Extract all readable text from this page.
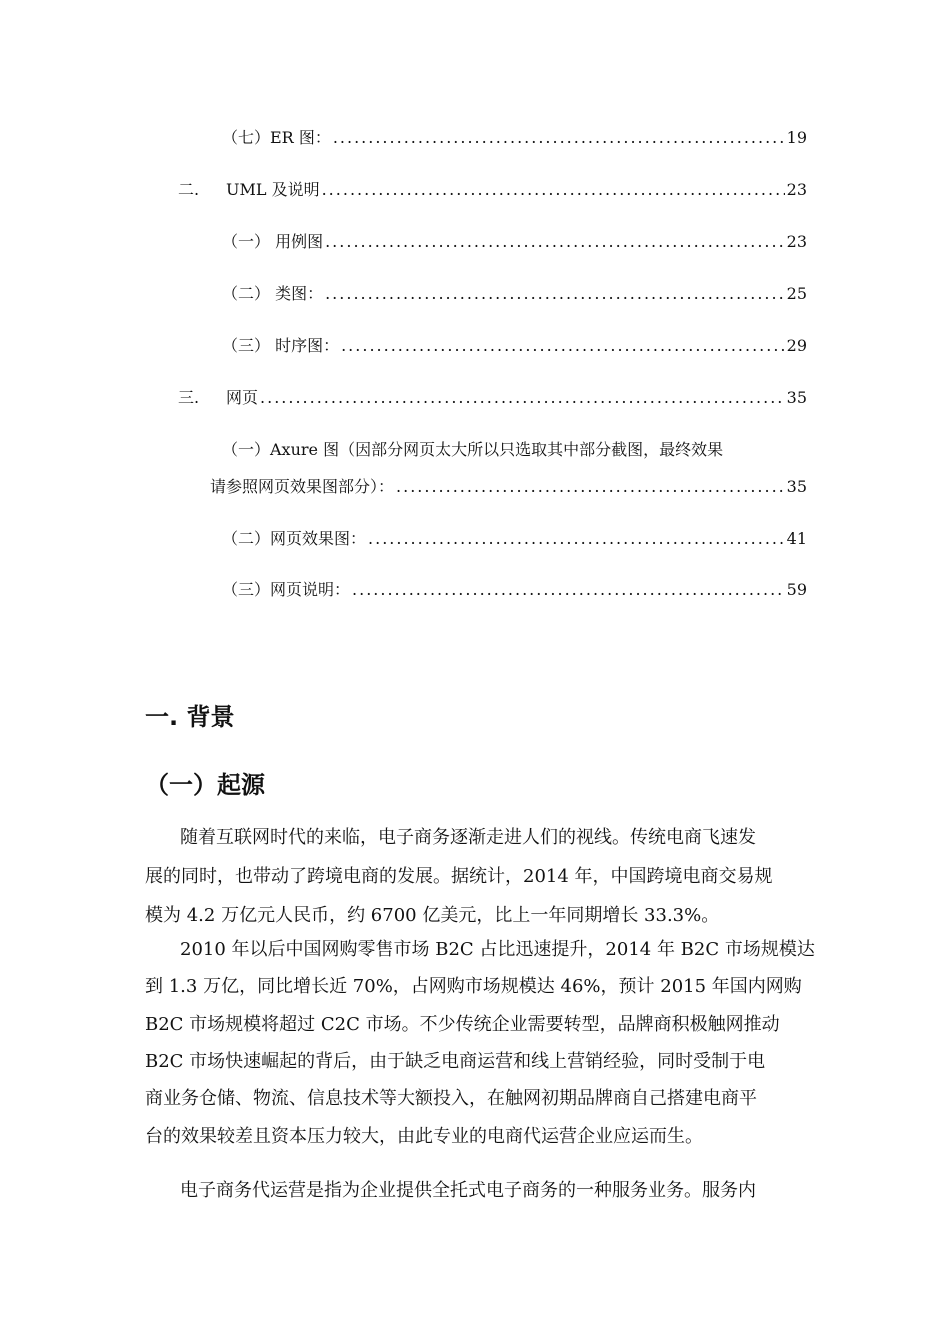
（七）ER 图： .....	19
二.	UML 及说明 .....	23
（一） 用例图 .....	23
（二） 类图： .....	25
（三） 时序图： .....	29
三.	网页 .....	35
（一）Axure 图（因部分网页太大所以只选取其中部分截图，最终效果
请参照网页效果图部分）： .....	35
（二）网页效果图： .....	41
（三）网页说明： .....	59
一. 背景
（一）起源
随着互联网时代的来临，电子商务逐渐走进人们的视线。传统电商飞速发
展的同时，也带动了跨境电商的发展。据统计，2014 年，中国跨境电商交易规
模为 4.2 万亿元人民币，约 6700 亿美元，比上一年同期增长 33.3%。
2010 年以后中国网购零售市场 B2C 占比迅速提升，2014 年 B2C 市场规模达
到 1.3 万亿，同比增长近 70%，占网购市场规模达 46%，预计 2015 年国内网购
B2C 市场规模将超过 C2C 市场。不少传统企业需要转型，品牌商积极触网推动
B2C 市场快速崛起的背后，由于缺乏电商运营和线上营销经验，同时受制于电
商业务仓储、物流、信息技术等大额投入，在触网初期品牌商自己搭建电商平
台的效果较差且资本压力较大，由此专业的电商代运营企业应运而生。
电子商务代运营是指为企业提供全托式电子商务的一种服务业务。服务内
